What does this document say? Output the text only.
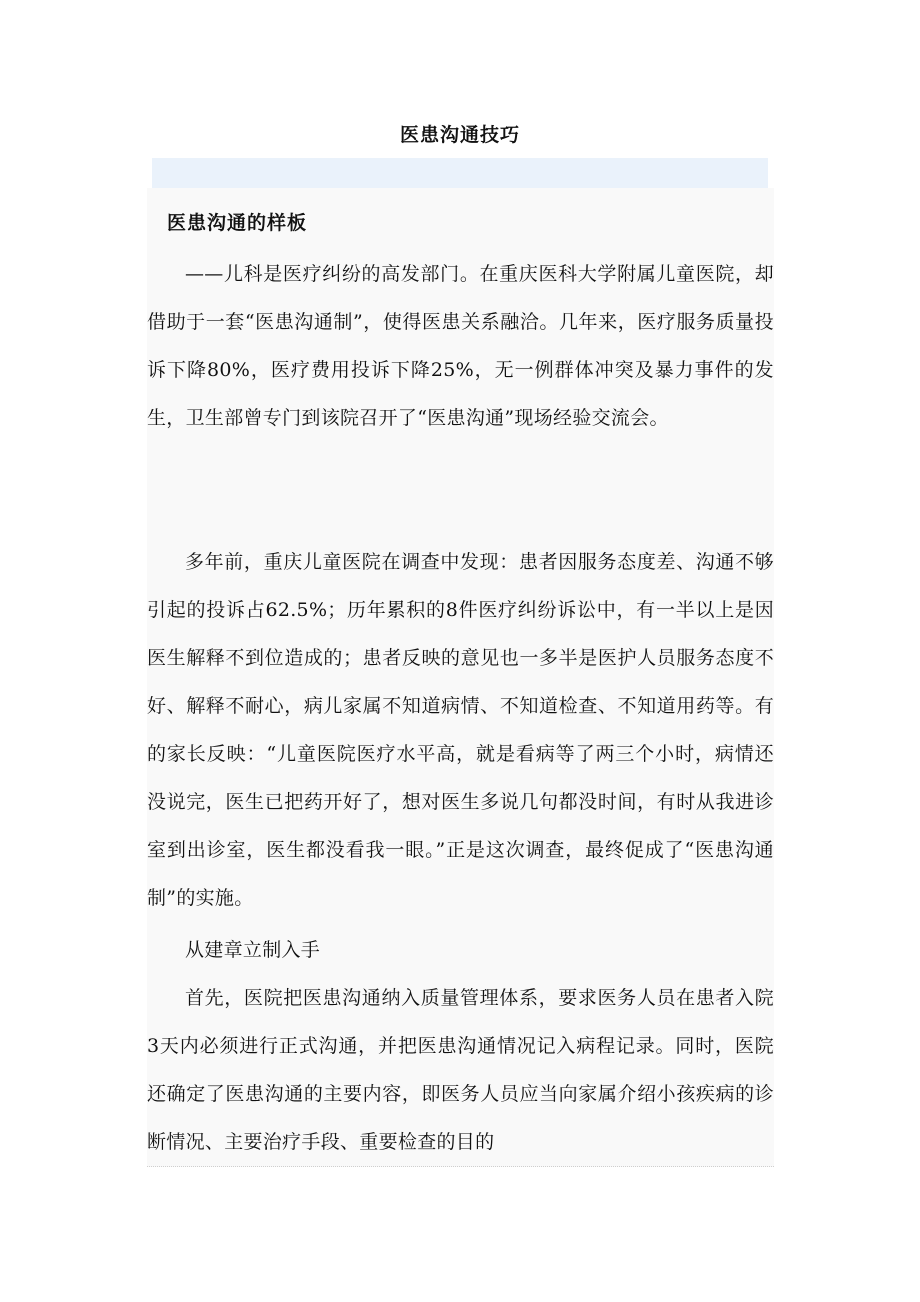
医患沟通技巧
医患沟通的样板
——儿科是医疗纠纷的高发部门。在重庆医科大学附属儿童医院，却借助于一套“医患沟通制”，使得医患关系融洽。几年来，医疗服务质量投诉下降80%，医疗费用投诉下降25%，无一例群体冲突及暴力事件的发生，卫生部曾专门到该院召开了“医患沟通”现场经验交流会。
多年前，重庆儿童医院在调查中发现：患者因服务态度差、沟通不够引起的投诉占62.5%；历年累积的8件医疗纠纷诉讼中，有一半以上是因医生解释不到位造成的；患者反映的意见也一多半是医护人员服务态度不好、解释不耐心，病儿家属不知道病情、不知道检查、不知道用药等。有的家长反映：“儿童医院医疗水平高，就是看病等了两三个小时，病情还没说完，医生已把药开好了，想对医生多说几句都没时间，有时从我进诊室到出诊室，医生都没看我一眼。”正是这次调查，最终促成了“医患沟通制”的实施。
从建章立制入手
首先，医院把医患沟通纳入质量管理体系，要求医务人员在患者入院3天内必须进行正式沟通，并把医患沟通情况记入病程记录。同时，医院还确定了医患沟通的主要内容，即医务人员应当向家属介绍小孩疾病的诊断情况、主要治疗手段、重要检查的目的
